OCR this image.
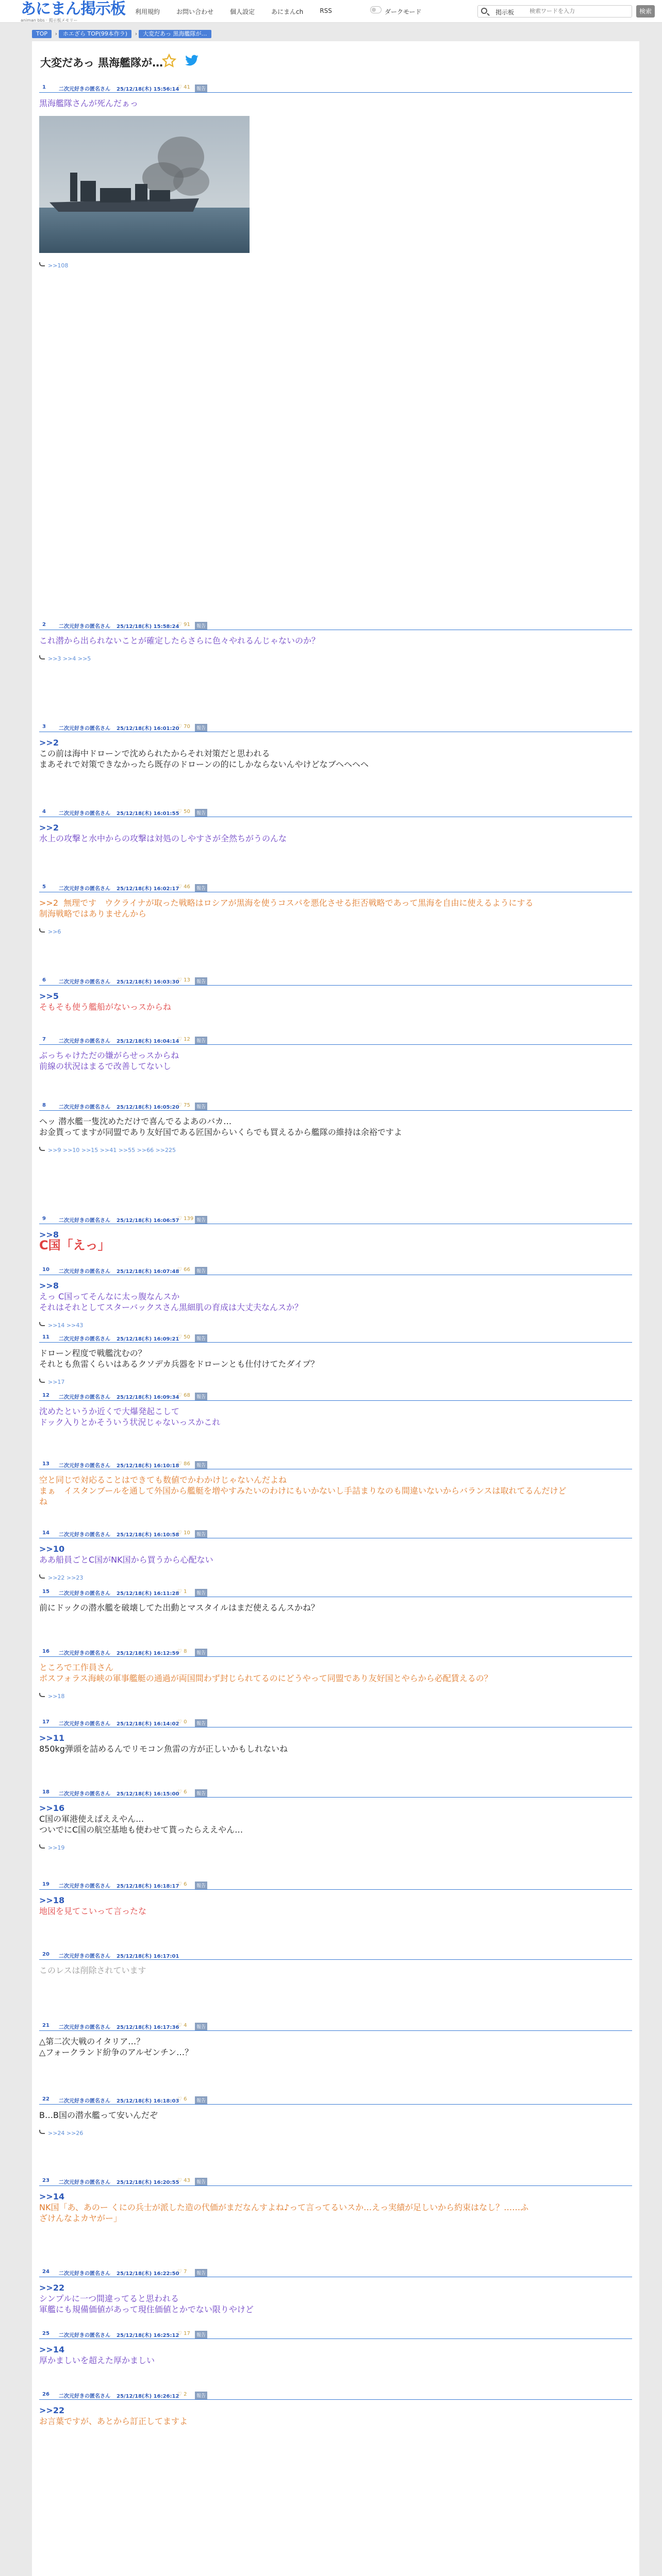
あにまん掲示板
animan bbs · 掲示板メモリー
利用規約	お問い合わせ	個人設定	あにまんch	RSS	ダークモード	掲示板
検索ワードを入力	検索
TOP ›	ホエざら TOP(99本作ラ) ›	大変だあっ 黒海艦隊が…
大変だあっ 黒海艦隊が…
1	二次元好きの匿名さん 25/12/18(木) 15:56:14
♡ 41	報告
黒海艦隊さんが死んだぁっ
>>108
2	二次元好きの匿名さん 25/12/18(木) 15:58:24
♡ 91	報告
これ潜から出られないことが確定したらさらに色々やれるんじゃないのか？
>>3 >>4 >>5
3	二次元好きの匿名さん 25/12/18(木) 16:01:20
♡ 70	報告
>>2
この前は海中ドローンで沈められたからそれ対策だと思われる
まあそれで対策できなかったら既存のドローンの的にしかならないんやけどなブヘヘヘヘ
4	二次元好きの匿名さん 25/12/18(木) 16:01:55
♡ 50	報告
>>2
水上の攻撃と水中からの攻撃は対処のしやすさが全然ちがうのんな
5	二次元好きの匿名さん 25/12/18(木) 16:02:17
♡ 46	報告
>>2  無理です　ウクライナが取った戦略はロシアが黒海を使うコスパを悪化させる拒否戦略であって黒海を自由に使えるようにする
制海戦略ではありませんから
>>6
6	二次元好きの匿名さん 25/12/18(木) 16:03:30
♡ 13	報告
>>5
そもそも使う艦船がないっスからね
7	二次元好きの匿名さん 25/12/18(木) 16:04:14
♡ 12	報告
ぶっちゃけただの嫌がらせっスからね
前線の状況はまるで改善してないし
8	二次元好きの匿名さん 25/12/18(木) 16:05:20
♡ 75	報告
ヘッ 潜水艦一隻沈めただけで喜んでるよあのバカ…
お金貰ってますが同盟であり友好国である匠国からいくらでも買えるから艦隊の維持は余裕ですよ
>>9 >>10 >>15 >>41 >>55 >>66 >>225
9	二次元好きの匿名さん 25/12/18(木) 16:06:57
♡ 139 報告
>>8
C国「えっ」
10 二次元好きの匿名さん 25/12/18(木) 16:07:48
♡ 66	報告
>>8
えっ C国ってそんなに太っ腹なんスか
それはそれとしてスターバックスさん黒細肌の育成は大丈夫なんスか？
>>14 >>43
11 二次元好きの匿名さん 25/12/18(木) 16:09:21
♡ 50	報告
ドローン程度で戦艦沈むの？
それとも魚雷くらいはあるクソデカ兵器をドローンとも仕付けてたダイプ？
>>17
12 二次元好きの匿名さん 25/12/18(木) 16:09:34
♡ 68	報告
沈めたというか近くで大爆発起こして
ドック入りとかそういう状況じゃないっスかこれ
13 二次元好きの匿名さん 25/12/18(木) 16:10:18
♡ 86	報告
空と同じで対応ることはできても数値でかわかけじゃないんだよね
まぁ　イスタンブールを通して外国から艦艇を増やすみたいのわけにもいかないし手詰まりなのも間違いないからバランスは取れてるんだけど
ね
14 二次元好きの匿名さん 25/12/18(木) 16:10:58
♡ 10	報告
>>10
ああ船員ごとC国がNK国から買うから心配ない
>>22 >>23
15 二次元好きの匿名さん 25/12/18(木) 16:11:28
♡ 1	報告
前にドックの潜水艦を破壊してた出動とマスタイルはまだ使えるんスかね？
16 二次元好きの匿名さん 25/12/18(木) 16:12:59
♡ 8	報告
ところで工作員さん
ボスフォラス海峡の軍事艦艇の通過が両国間わず封じられてるのにどうやって同盟であり友好国とやらから必配賃えるの？
>>18
17 二次元好きの匿名さん 25/12/18(木) 16:14:02
♡ 0	報告
>>11
850kg弾頭を詰めるんでリモコン魚雷の方が正しいかもしれないね
18 二次元好きの匿名さん 25/12/18(木) 16:15:00
♡ 6	報告
>>16
C国の軍港使えばええやん…
ついでにC国の航空基地も使わせて貰ったらええやん…
>>19
19 二次元好きの匿名さん 25/12/18(木) 16:18:17
♡ 6	報告
>>18
地図を見てこいって言ったな
20 二次元好きの匿名さん 25/12/18(木) 16:17:01
このレスは削除されています
21 二次元好きの匿名さん 25/12/18(木) 16:17:36
♡ 4	報告
△第二次大戦のイタリア…？
△フォークランド紛争のアルゼンチン…？
22 二次元好きの匿名さん 25/12/18(木) 16:18:03
♡ 6	報告
B…B国の潜水艦って安いんだぞ
>>24 >>26
23 二次元好きの匿名さん 25/12/18(木) 16:20:55
♡ 43	報告
>>14
NK国「あ、あのー くにの兵士が派した造の代価がまだなんすよね♪って言ってるいスか…えっ実績が足しいから約束はなし？……ふ
ざけんなよカヤがー」
24 二次元好きの匿名さん 25/12/18(木) 16:22:50
♡ 7	報告
>>22
シンプルに一つ間違ってると思われる
軍艦にも規備価値があって現住価値とかでない限りやけど
25 二次元好きの匿名さん 25/12/18(木) 16:25:12
♡ 17	報告
>>14
厚かましいを超えた厚かましい
26 二次元好きの匿名さん 25/12/18(木) 16:26:12
♡ 2	報告
>>22
お言葉ですが、あとから訂正してますよ
